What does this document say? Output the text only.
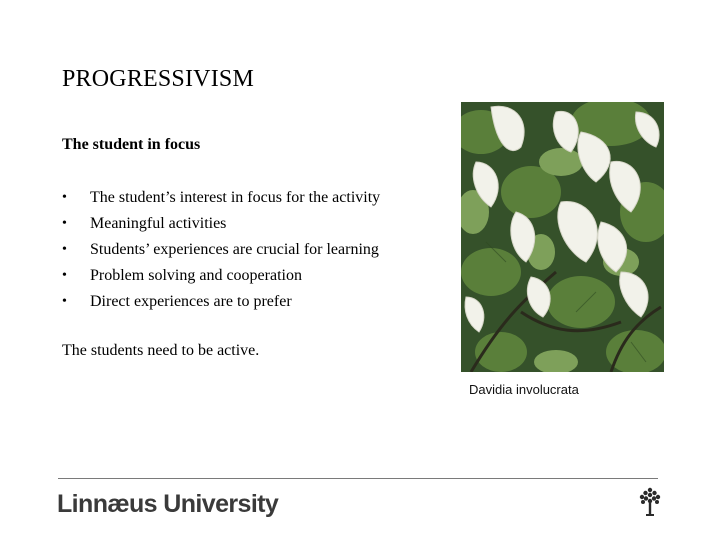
PROGRESSIVISM
The student in focus
•	The student’s interest in focus for the activity
•	Meaningful activities
•	Students’ experiences are crucial for learning
•	Problem solving and cooperation
•	Direct experiences are to prefer
The students need to be active.
Davidia involucrata
Linnæus University
